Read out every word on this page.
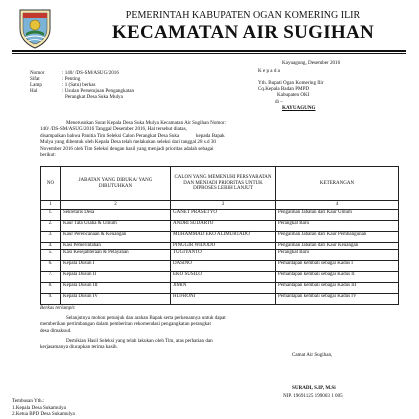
PEMERINTAH KABUPATEN OGAN KOMERING ILIR
KECAMATAN AIR SUGIHAN
Kayuagung, Desember 2016
Nomor	: 140/ /DS-SM/ASUG/2016
Sifat	: Penting
Lamp	: 1 (Satu) berkas
Hal	: Usulan Persetujuan Pengangkatan
	Perangkat Desa Suka Mulya
K e p a d a
Yth. Bupati Ogan Komering Ilir
Cq.Kepala Badan PMPD
Kabupaten OKI
di –
KAYUAGUNG
Menerusukan Surat Kepala Desa Suka Mulya Kecamatan Air Sugihan Nomor:
140/ /DS-SM/ASUG/2016 Tanggal Desember 2016, Hal tersebut diatas,
disampaikan bahwa Panitia Tim Seleksi Calon Perangkat Desa Suka
Mulya yang dibentuk oleh Kepala Desa telah melakukan seleksi dari tanggal 28 s.d 30
November 2016 oleh Tim Seleksi dengan hasil yang menjadi prioritas adalah sebagai
berikut:
kepada Bapak
NO	JABATAN YANG DIBUKA/ YANG DIBUTUHKAN	CALON YANG MEMENUHI PERSYARATAN DAN MENJADI PRIORITAS UNTUK DIPROSES LEBIH LANJUT	KETERANGAN
1	2	3	4
1.	Sekretaris Desa	GANET PRASETYO	Pengalihan Jabatan dari Kaur Umum
2.	Kaur Tata Usaha & Umum	ANDRI SUDARTO	Perangkat Baru
3.	Kaur Perencanaan & Keuangan	MUHAMMAD EKO ALIMURTADO	Pengalihan Jabatan dari Kaur Pembangunan
4.	Kasi Pemerintahan	PINGGIR WIDODO	Pengalihan Jabatan dari Kaur Keuangan
5.	Kasi Kesejahteraan & Pelayanan	TUGIYANTO	Perangkat Baru
6.	Kepala Dusun I	DASINO	Pemantapan kembali sebagai Kadus I
7.	Kepala Dusun II	EKO SUSILO	Pemantapan kembali sebagai Kadus II
8.	Kepala Dusun III	JIMIN	Pemantapan kembali sebagai Kadus III
9.	Kepala Dusun IV	HUFRONI	Pemantapan kembali sebagai Kadus IV
Berkas terlampir.
Selanjutnya mohon petunjuk dan arahan Bapak serta perkenannya untuk dapat
memberikan pertimbangan dalam pemberitan rekomendasi pengangkatan perangkat
desa dimaksud.
Demikian Hasil Seleksi yang telah lakukan oleh Tim, atas perhatian dan
kerjasamanya diucapkan terima kasih.
Camat Air Sugihan,
SURADI, S.IP, M.Si
NIP. 19691125 199003 1 005
Tembusan Yth.:
1.Kepala Desa Sukamulya
2.Ketua BPD Desa Sukamulya
